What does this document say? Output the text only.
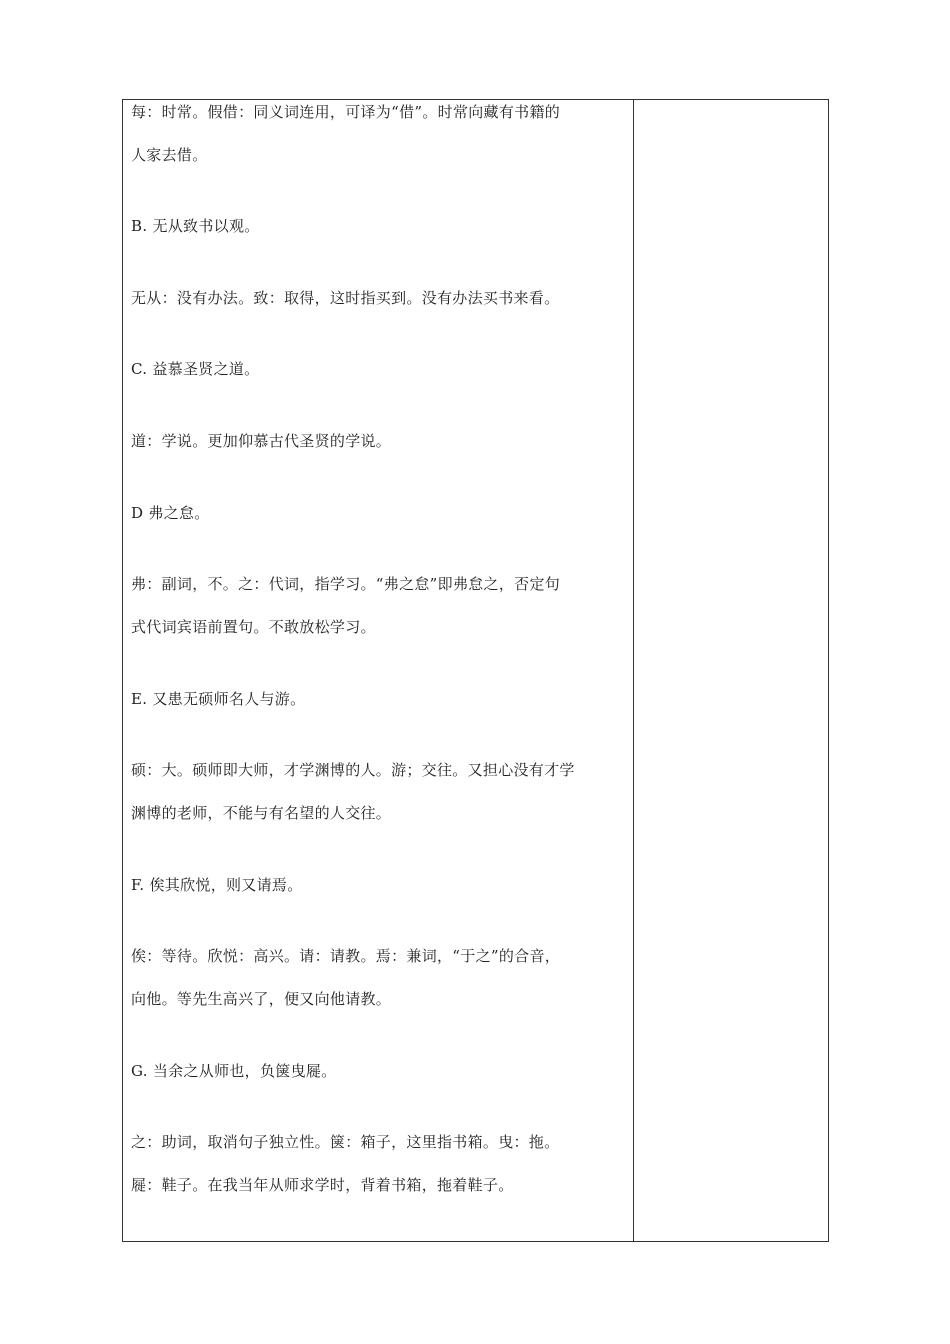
每：时常。假借：同义词连用，可译为“借”。时常向藏有书籍的
人家去借。
B. 无从致书以观。
无从：没有办法。致：取得，这时指买到。没有办法买书来看。
C. 益慕圣贤之道。
道：学说。更加仰慕古代圣贤的学说。
D 弗之怠。
弗：副词，不。之：代词，指学习。“弗之怠”即弗怠之，否定句
式代词宾语前置句。不敢放松学习。
E. 又患无硕师名人与游。
硕：大。硕师即大师，才学渊博的人。游；交往。又担心没有才学
渊博的老师，不能与有名望的人交往。
F. 俟其欣悦，则又请焉。
俟：等待。欣悦：高兴。请：请教。焉：兼词，“于之”的合音，
向他。等先生高兴了，便又向他请教。
G. 当余之从师也，负箧曳屣。
之：助词，取消句子独立性。箧：箱子，这里指书箱。曳：拖。
屣：鞋子。在我当年从师求学时，背着书箱，拖着鞋子。
